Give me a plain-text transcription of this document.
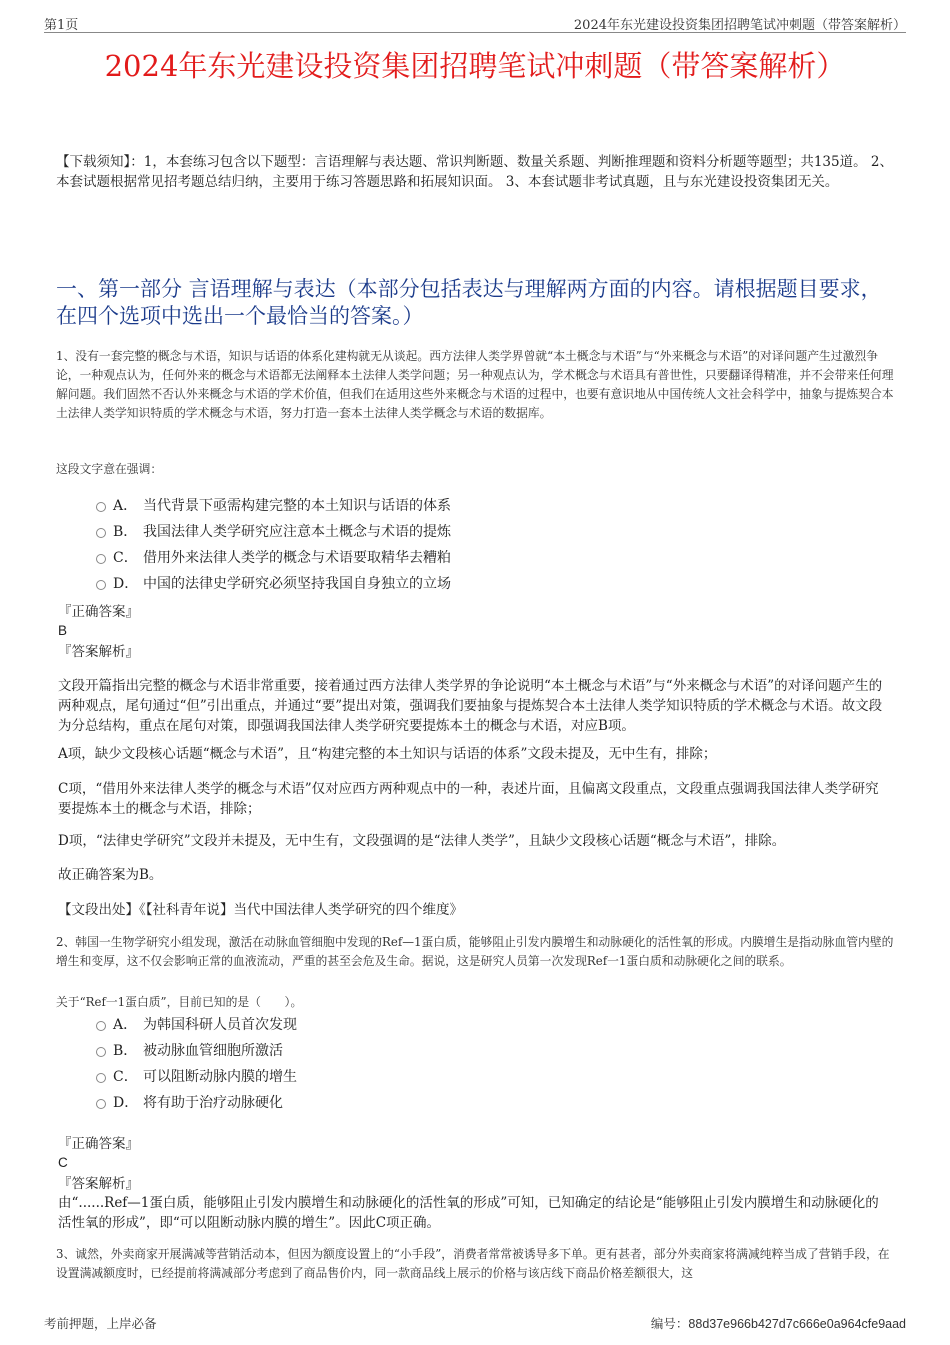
第1页	2024年东光建设投资集团招聘笔试冲刺题（带答案解析）
2024年东光建设投资集团招聘笔试冲刺题（带答案解析）
【下载须知】：1，本套练习包含以下题型：言语理解与表达题、常识判断题、数量关系题、判断推理题和资料分析题等题型；共135道。 2、本套试题根据常见招考题总结归纳，主要用于练习答题思路和拓展知识面。 3、本套试题非考试真题，且与东光建设投资集团无关。
一、第一部分 言语理解与表达（本部分包括表达与理解两方面的内容。请根据题目要求，在四个选项中选出一个最恰当的答案。）
1、没有一套完整的概念与术语，知识与话语的体系化建构就无从谈起。西方法律人类学界曾就“本土概念与术语”与“外来概念与术语”的对译问题产生过激烈争论，一种观点认为，任何外来的概念与术语都无法阐释本土法律人类学问题；另一种观点认为，学术概念与术语具有普世性，只要翻译得精准，并不会带来任何理解问题。我们固然不否认外来概念与术语的学术价值，但我们在适用这些外来概念与术语的过程中，也要有意识地从中国传统人文社会科学中，抽象与提炼契合本土法律人类学知识特质的学术概念与术语，努力打造一套本土法律人类学概念与术语的数据库。
这段文字意在强调：
A． 当代背景下亟需构建完整的本土知识与话语的体系
B． 我国法律人类学研究应注意本土概念与术语的提炼
C． 借用外来法律人类学的概念与术语要取精华去糟粕
D． 中国的法律史学研究必须坚持我国自身独立的立场
『正确答案』
B
『答案解析』
文段开篇指出完整的概念与术语非常重要，接着通过西方法律人类学界的争论说明“本土概念与术语”与“外来概念与术语”的对译问题产生的两种观点，尾句通过“但”引出重点，并通过“要”提出对策，强调我们要抽象与提炼契合本土法律人类学知识特质的学术概念与术语。故文段为分总结构，重点在尾句对策，即强调我国法律人类学研究要提炼本土的概念与术语，对应B项。
A项，缺少文段核心话题“概念与术语”，且“构建完整的本土知识与话语的体系”文段未提及，无中生有，排除；
C项，“借用外来法律人类学的概念与术语”仅对应西方两种观点中的一种，表述片面，且偏离文段重点，文段重点强调我国法律人类学研究要提炼本土的概念与术语，排除；
D项，“法律史学研究”文段并未提及，无中生有，文段强调的是“法律人类学”，且缺少文段核心话题“概念与术语”，排除。
故正确答案为B。
【文段出处】《【社科青年说】当代中国法律人类学研究的四个维度》
2、韩国一生物学研究小组发现，激活在动脉血管细胞中发现的Ref—1蛋白质，能够阻止引发内膜增生和动脉硬化的活性氧的形成。内膜增生是指动脉血管内壁的增生和变厚，这不仅会影响正常的血液流动，严重的甚至会危及生命。据说，这是研究人员第一次发现Ref一1蛋白质和动脉硬化之间的联系。
关于“Ref一1蛋白质”，目前已知的是（　　）。
A． 为韩国科研人员首次发现
B． 被动脉血管细胞所激活
C． 可以阻断动脉内膜的增生
D． 将有助于治疗动脉硬化
『正确答案』
C
『答案解析』
由“......Ref—1蛋白质，能够阻止引发内膜增生和动脉硬化的活性氧的形成”可知，已知确定的结论是“能够阻止引发内膜增生和动脉硬化的活性氧的形成”，即“可以阻断动脉内膜的增生”。因此C项正确。
3、诚然，外卖商家开展满减等营销活动本，但因为额度设置上的“小手段”，消费者常常被诱导多下单。更有甚者，部分外卖商家将满减纯粹当成了营销手段，在设置满减额度时，已经提前将满减部分考虑到了商品售价内，同一款商品线上展示的价格与该店线下商品价格差额很大，这
考前押题，上岸必备	编号：88d37e966b427d7c666e0a964cfe9aad
